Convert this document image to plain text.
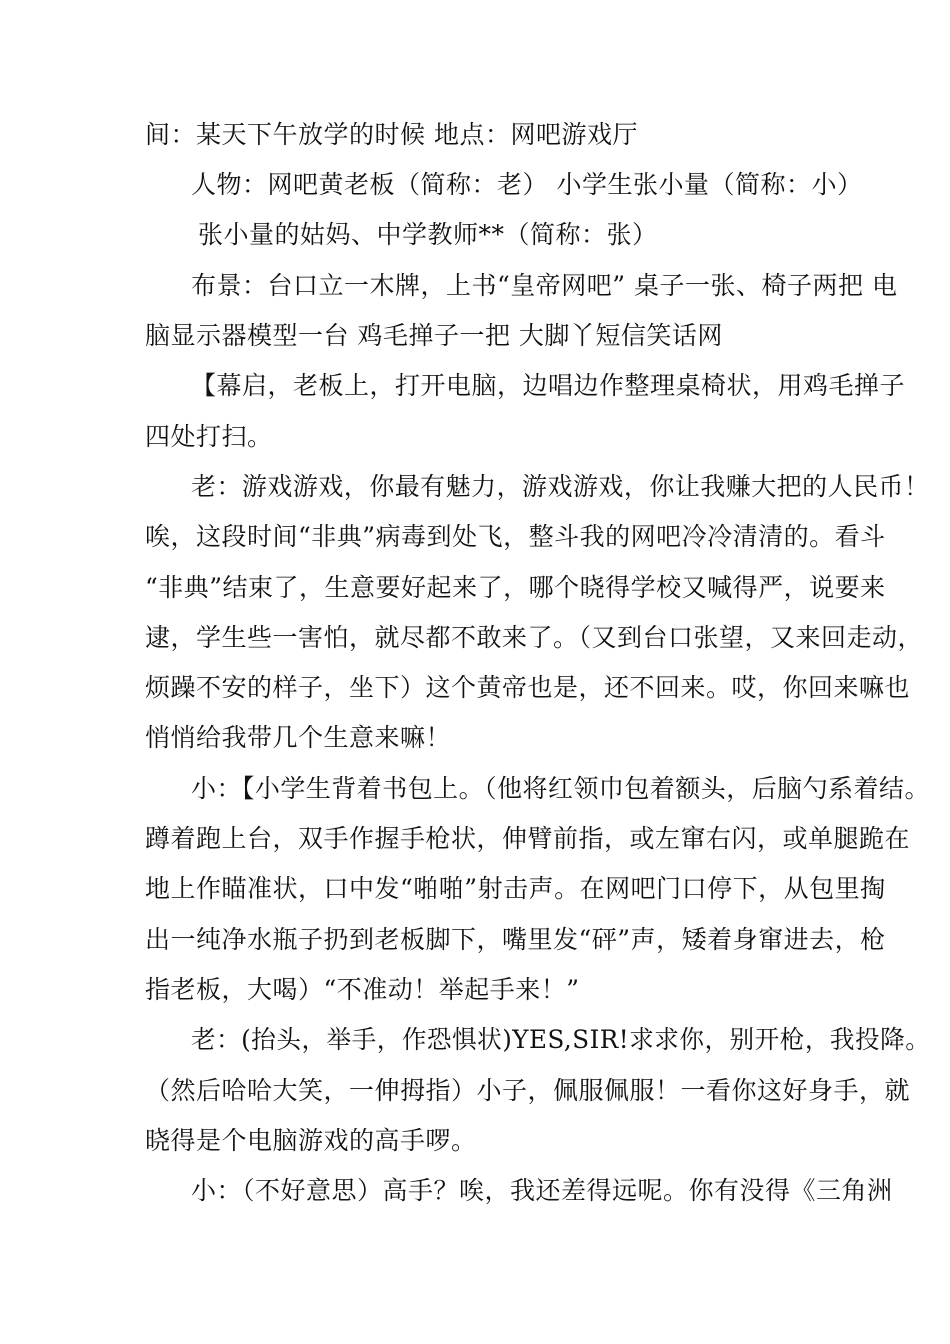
间：某天下午放学的时候 地点：网吧游戏厅
人物：网吧黄老板（简称：老） 小学生张小量（简称：小）
张小量的姑妈、中学教师**（简称：张）
布景：台口立一木牌，上书“皇帝网吧” 桌子一张、椅子两把 电
脑显示器模型一台 鸡毛掸子一把 大脚丫短信笑话网
【幕启，老板上，打开电脑，边唱边作整理桌椅状，用鸡毛掸子
四处打扫。
老：游戏游戏，你最有魅力，游戏游戏，你让我赚大把的人民币！
唉，这段时间“非典”病毒到处飞，整斗我的网吧冷冷清清的。看斗
“非典”结束了，生意要好起来了，哪个晓得学校又喊得严，说要来
逮，学生些一害怕，就尽都不敢来了。（又到台口张望，又来回走动，
烦躁不安的样子，坐下）这个黄帝也是，还不回来。哎，你回来嘛也
悄悄给我带几个生意来嘛！
小：【小学生背着书包上。（他将红领巾包着额头，后脑勺系着结。
蹲着跑上台，双手作握手枪状，伸臂前指，或左窜右闪，或单腿跪在
地上作瞄准状，口中发“啪啪”射击声。在网吧门口停下，从包里掏
出一纯净水瓶子扔到老板脚下，嘴里发“砰”声，矮着身窜进去，枪
指老板，大喝）“不准动！举起手来！”
老：(抬头，举手，作恐惧状)YES,SIR!求求你，别开枪，我投降。
（然后哈哈大笑，一伸拇指）小子，佩服佩服！一看你这好身手，就
晓得是个电脑游戏的高手啰。
小：（不好意思）高手？唉，我还差得远呢。你有没得《三角洲
